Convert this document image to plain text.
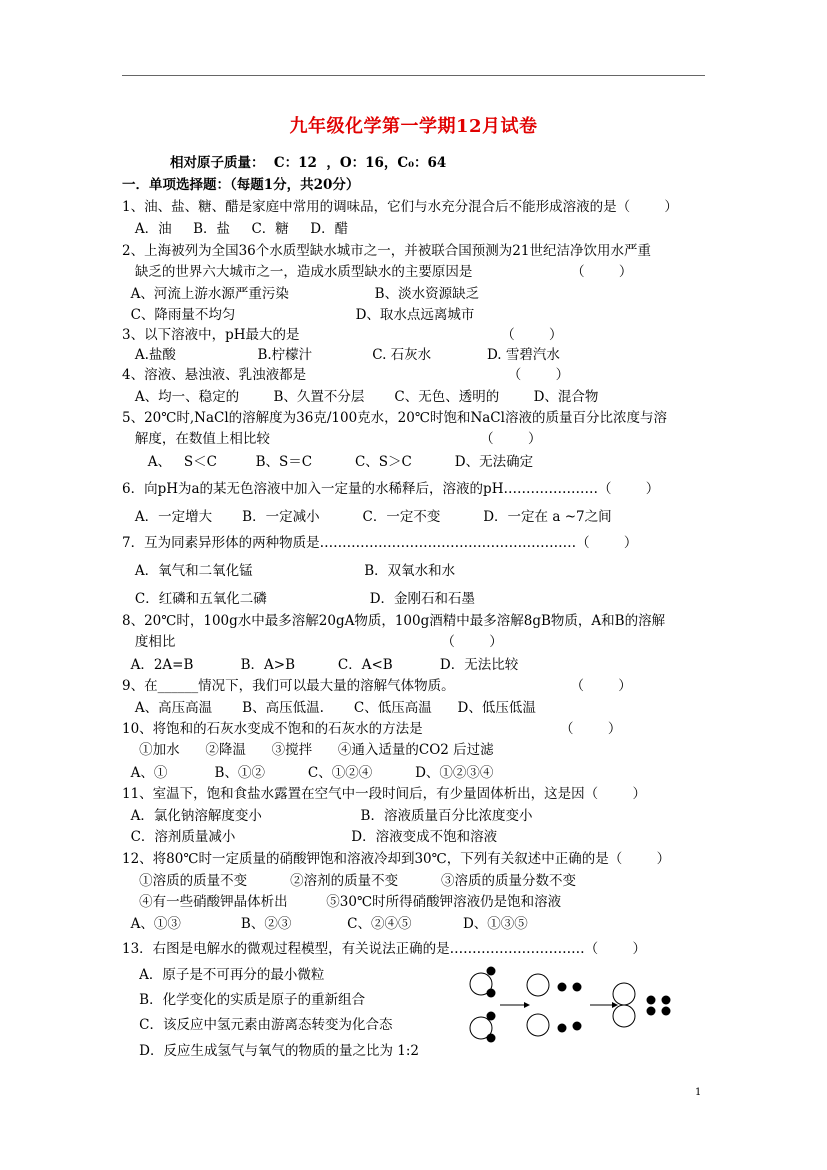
九年级化学第一学期12月试卷
相对原子质量：  C：12  ，O：16，C₀：64
一．单项选择题：（每题1分，共20分）
1、油、盐、糖、醋是家庭中常用的调味品，它们与水充分混合后不能形成溶液的是（        ）
A．油     B．盐     C．糖     D．醋
2、上海被列为全国36个水质型缺水城市之一，并被联合国预测为21世纪洁净饮用水严重
缺乏的世界六大城市之一，造成水质型缺水的主要原因是                       （        ）
A、河流上游水源严重污染                    B、淡水资源缺乏
C、降雨量不均匀                            D、取水点远离城市
3、以下溶液中，pH最大的是                                               （        ）
A.盐酸                   B.柠檬汁              C. 石灰水             D. 雪碧汽水
4、溶液、悬浊液、乳浊液都是                                               （        ）
A、均一、稳定的        B、久置不分层       C、无色、透明的        D、混合物
5、20℃时,NaCl的溶解度为36克/100克水，20℃时饱和NaCl溶液的质量百分比浓度与溶
解度，在数值上相比较                                                 （        ）
A、   S＜C         B、S＝C          C、S＞C          D、无法确定
6．向pH为a的某无色溶液中加入一定量的水稀释后，溶液的pH…………………（        ）
A．一定增大       B．一定减小          C．一定不变          D．一定在 a ~7之间
7．互为同素异形体的两种物质是…………………………………………………（        ）
A．氧气和二氧化锰                          B．双氧水和水
C．红磷和五氧化二磷                        D．金刚石和石墨
8、20℃时，100g水中最多溶解20gA物质，100g酒精中最多溶解8gB物质，A和B的溶解
度相比                                                              （        ）
A．2A=B           B．A>B          C．A<B           D．无法比较
9、在______情况下，我们可以最大量的溶解气体物质。                           （        ）
A、高压高温       B、高压低温.       C、低压高温      D、低压低温
10、将饱和的石灰水变成不饱和的石灰水的方法是                                （        ）
①加水      ②降温      ③搅拌      ④通入适量的CO2 后过滤
A、①           B、①②          C、①②④          D、①②③④
11、室温下，饱和食盐水露置在空气中一段时间后，有少量固体析出，这是因（        ）
A．氯化钠溶解度变小                       B．溶液质量百分比浓度变小
C．溶剂质量减小                           D．溶液变成不饱和溶液
12、将80℃时一定质量的硝酸钾饱和溶液冷却到30℃，下列有关叙述中正确的是（        ）
①溶质的质量不变          ②溶剂的质量不变          ③溶质的质量分数不变
④有一些硝酸钾晶体析出         ⑤30℃时所得硝酸钾溶液仍是饱和溶液
A、①③              B、②③             C、②④⑤            D、①③⑤
13．右图是电解水的微观过程模型，有关说法正确的是…………………………（        ）
A．原子是不可再分的最小微粒
B．化学变化的实质是原子的重新组合
C．该反应中氢元素由游离态转变为化合态
D．反应生成氢气与氧气的物质的量之比为 1:2
1
